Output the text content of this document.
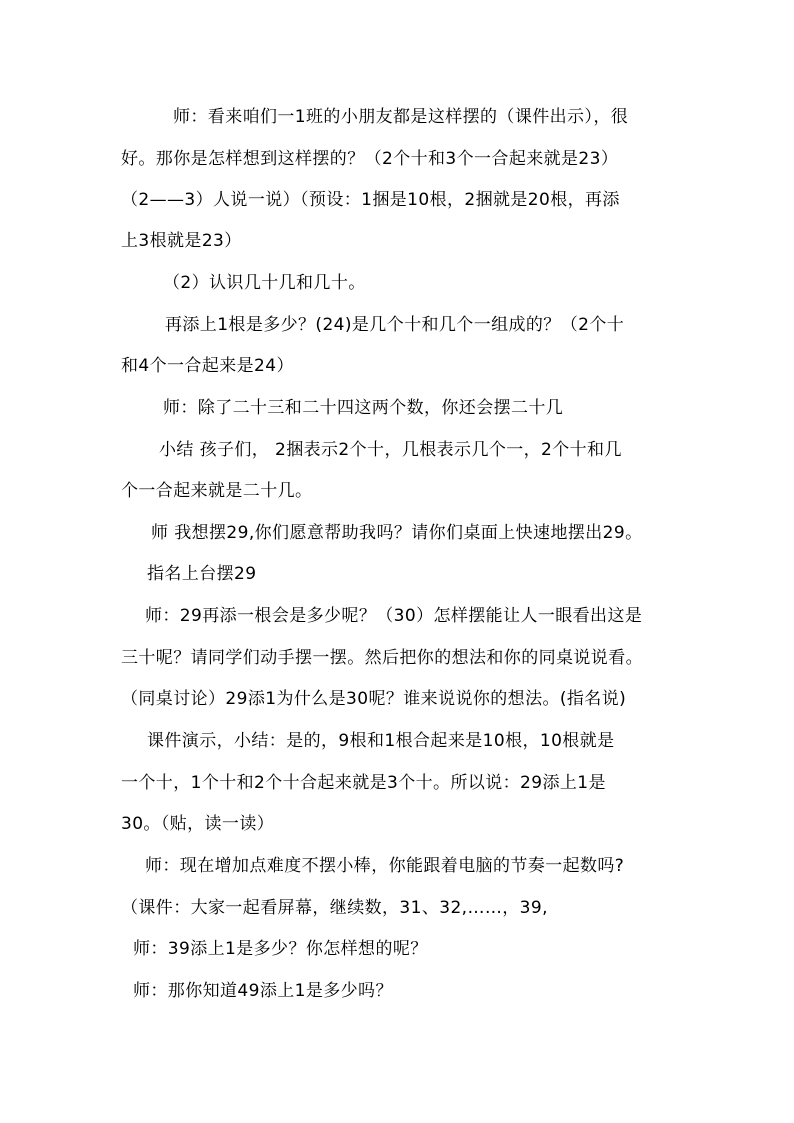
师：看来咱们一1班的小朋友都是这样摆的（课件出示），很
好。那你是怎样想到这样摆的？（2个十和3个一合起来就是23）
（2——3）人说一说）（预设：1捆是10根，2捆就是20根，再添
上3根就是23）
（2）认识几十几和几十。
再添上1根是多少？(24)是几个十和几个一组成的？（2个十
和4个一合起来是24）
师：除了二十三和二十四这两个数，你还会摆二十几
小结 孩子们， 2捆表示2个十，几根表示几个一，2个十和几
个一合起来就是二十几。
师 我想摆29,你们愿意帮助我吗？请你们桌面上快速地摆出29。
指名上台摆29
师：29再添一根会是多少呢？（30）怎样摆能让人一眼看出这是
三十呢？请同学们动手摆一摆。然后把你的想法和你的同桌说说看。
（同桌讨论）29添1为什么是30呢？谁来说说你的想法。(指名说)
课件演示，小结：是的，9根和1根合起来是10根，10根就是
一个十，1个十和2个十合起来就是3个十。所以说：29添上1是
30。（贴，读一读）
师：现在增加点难度不摆小棒，你能跟着电脑的节奏一起数吗?
（课件：大家一起看屏幕，继续数，31、32,……，39,
师：39添上1是多少？你怎样想的呢？
师：那你知道49添上1是多少吗？
